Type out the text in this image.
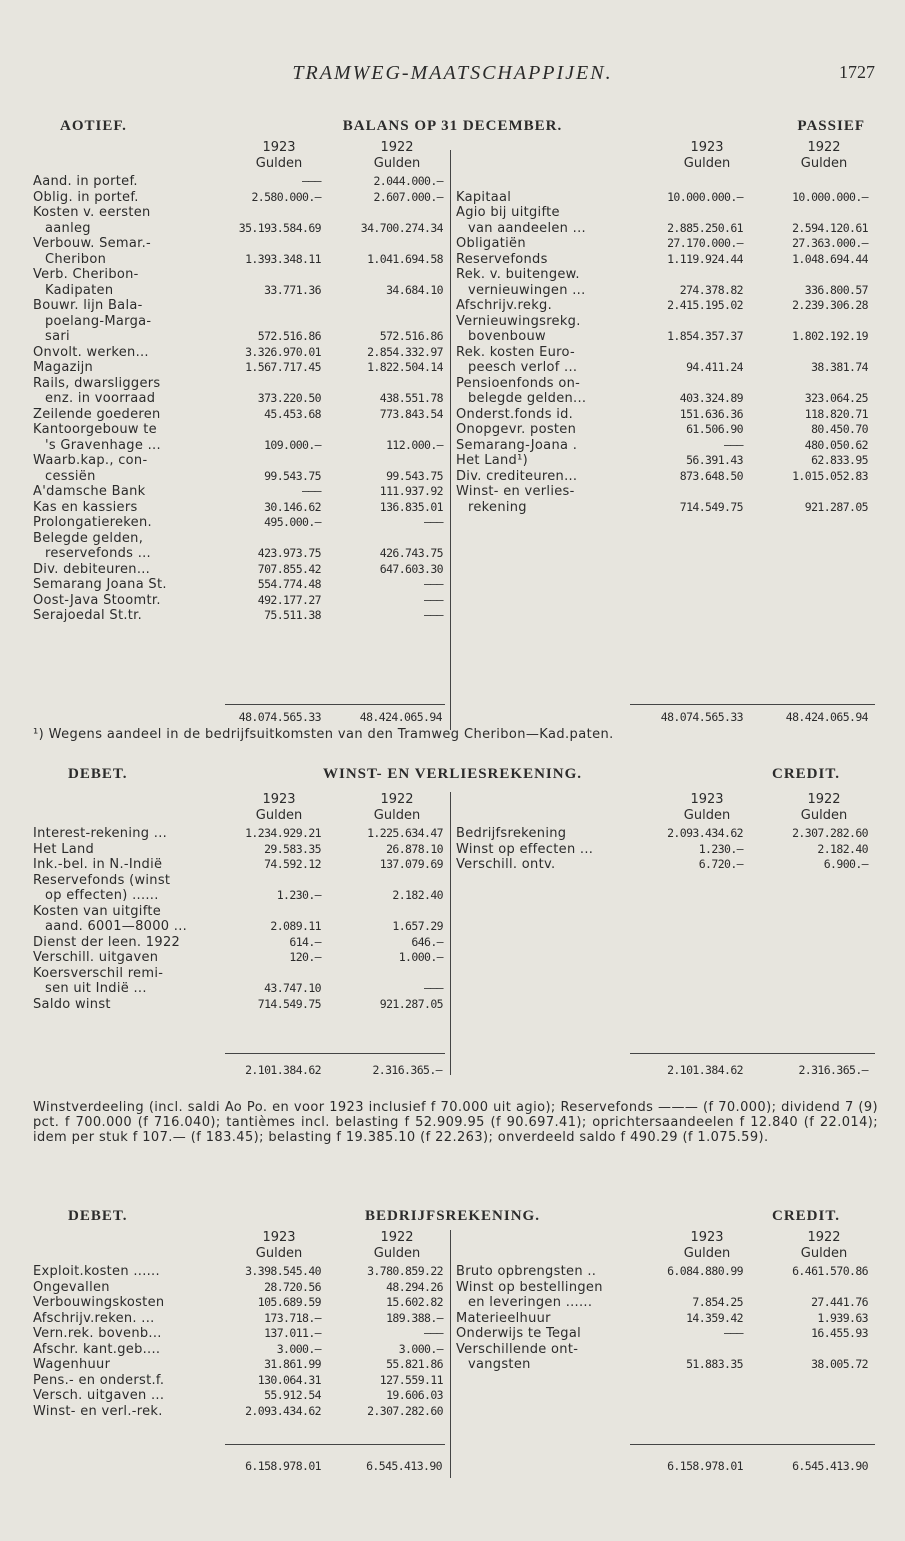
TRAMWEG-MAATSCHAPPIJEN.	1727
AOTIEF.	BALANS OP 31 DECEMBER.	PASSIEF
1923
Gulden
1922
Gulden
Aand. in portef.	———	2.044.000.—
Oblig. in portef.	2.580.000.—	2.607.000.—
Kosten v. eersten
aanleg	35.193.584.69	34.700.274.34
Verbouw. Semar.-
Cheribon	1.393.348.11	1.041.694.58
Verb. Cheribon-
Kadipaten	33.771.36	34.684.10
Bouwr. lijn Bala-
poelang-Marga-
sari	572.516.86	572.516.86
Onvolt. werken...	3.326.970.01	2.854.332.97
Magazijn	1.567.717.45	1.822.504.14
Rails, dwarsliggers
enz. in voorraad	373.220.50	438.551.78
Zeilende goederen	45.453.68	773.843.54
Kantoorgebouw te
's Gravenhage ...	109.000.—	112.000.—
Waarb.kap., con-
cessiën	99.543.75	99.543.75
A'damsche Bank	———	111.937.92
Kas en kassiers	30.146.62	136.835.01
Prolongatiereken.	495.000.—	———
Belegde gelden,
reservefonds ...	423.973.75	426.743.75
Div. debiteuren...	707.855.42	647.603.30
Semarang Joana St.	554.774.48	———
Oost-Java Stoomtr.	492.177.27	———
Serajoedal St.tr.	75.511.38	———
1923
Gulden
1922
Gulden
Kapitaal	10.000.000.—	10.000.000.—
Agio bij uitgifte
van aandeelen ...	2.885.250.61	2.594.120.61
Obligatiën	27.170.000.—	27.363.000.—
Reservefonds	1.119.924.44	1.048.694.44
Rek. v. buitengew.
vernieuwingen ...	274.378.82	336.800.57
Afschrijv.rekg.	2.415.195.02	2.239.306.28
Vernieuwingsrekg.
bovenbouw	1.854.357.37	1.802.192.19
Rek. kosten Euro-
peesch verlof ...	94.411.24	38.381.74
Pensioenfonds on-
belegde gelden...	403.324.89	323.064.25
Onderst.fonds id.	151.636.36	118.820.71
Onopgevr. posten	61.506.90	80.450.70
Semarang-Joana .	———	480.050.62
Het Land¹)	56.391.43	62.833.95
Div. crediteuren...	873.648.50	1.015.052.83
Winst- en verlies-
rekening	714.549.75	921.287.05
48.074.565.33	48.424.065.94	48.074.565.33	48.424.065.94
¹) Wegens aandeel in de bedrijfsuitkomsten van den Tramweg Cheribon—Kad.paten.
DEBET.	WINST- EN VERLIESREKENING.	CREDIT.
1923
Gulden
1922
Gulden
Interest-rekening ...	1.234.929.21	1.225.634.47
Het Land	29.583.35	26.878.10
Ink.-bel. in N.-Indië	74.592.12	137.079.69
Reservefonds (winst
op effecten) ......	1.230.—	2.182.40
Kosten van uitgifte
aand. 6001—8000 ...	2.089.11	1.657.29
Dienst der leen. 1922	614.—	646.—
Verschill. uitgaven	120.—	1.000.—
Koersverschil remi-
sen uit Indië ...	43.747.10	———
Saldo winst	714.549.75	921.287.05
1923
Gulden
1922
Gulden
Bedrijfsrekening	2.093.434.62	2.307.282.60
Winst op effecten ...	1.230.—	2.182.40
Verschill. ontv.	6.720.—	6.900.—
2.101.384.62	2.316.365.—	2.101.384.62	2.316.365.—
Winstverdeeling (incl. saldi Ao Po. en voor 1923 inclusief f 70.000 uit agio); Reservefonds ——— (f 70.000); dividend 7 (9) pct. f 700.000 (f 716.040); tantièmes incl. belasting f 52.909.95 (f 90.697.41); oprichtersaandeelen f 12.840 (f 22.014); idem per stuk f 107.— (f 183.45); belasting f 19.385.10 (f 22.263); onverdeeld saldo f 490.29 (f 1.075.59).
DEBET.	BEDRIJFSREKENING.	CREDIT.
1923
Gulden
1922
Gulden
Exploit.kosten ......	3.398.545.40	3.780.859.22
Ongevallen	28.720.56	48.294.26
Verbouwingskosten	105.689.59	15.602.82
Afschrijv.reken. ...	173.718.—	189.388.—
Vern.rek. bovenb...	137.011.—	———
Afschr. kant.geb....	3.000.—	3.000.—
Wagenhuur	31.861.99	55.821.86
Pens.- en onderst.f.	130.064.31	127.559.11
Versch. uitgaven ...	55.912.54	19.606.03
Winst- en verl.-rek.	2.093.434.62	2.307.282.60
1923
Gulden
1922
Gulden
Bruto opbrengsten ..	6.084.880.99	6.461.570.86
Winst op bestellingen
en leveringen ......	7.854.25	27.441.76
Materieelhuur	14.359.42	1.939.63
Onderwijs te Tegal	———	16.455.93
Verschillende ont-
vangsten	51.883.35	38.005.72
6.158.978.01	6.545.413.90	6.158.978.01	6.545.413.90
